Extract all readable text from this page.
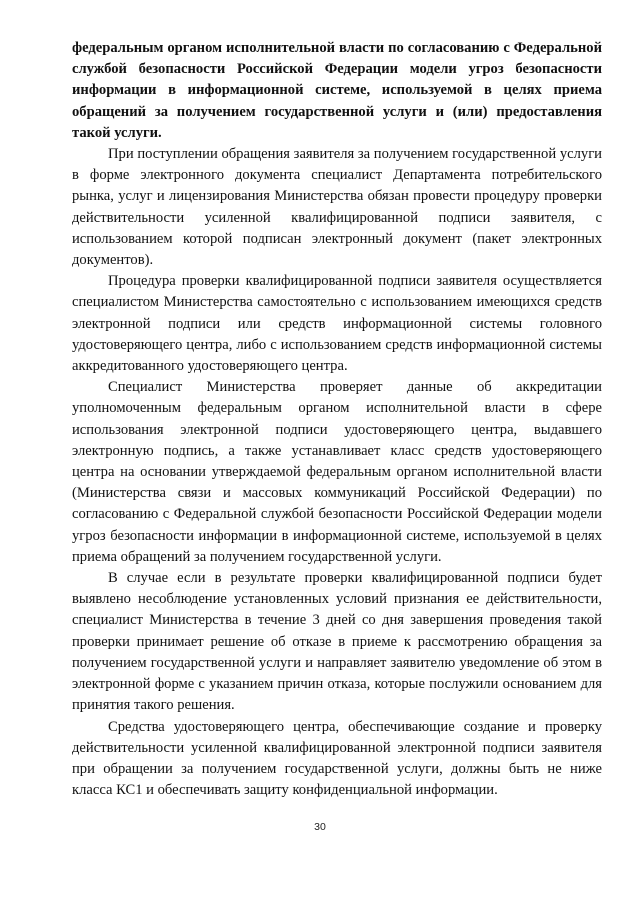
федеральным органом исполнительной власти по согласованию с Федеральной службой безопасности Российской Федерации модели угроз безопасности информации в информационной системе, используемой в целях приема обращений за получением государственной услуги и (или) предоставления такой услуги.

При поступлении обращения заявителя за получением государственной услуги в форме электронного документа специалист Департамента потребительского рынка, услуг и лицензирования Министерства обязан провести процедуру проверки действительности усиленной квалифицированной подписи заявителя, с использованием которой подписан электронный документ (пакет электронных документов).

Процедура проверки квалифицированной подписи заявителя осуществляется специалистом Министерства самостоятельно с использованием имеющихся средств электронной подписи или средств информационной системы головного удостоверяющего центра, либо с использованием средств информационной системы аккредитованного удостоверяющего центра.

Специалист Министерства проверяет данные об аккредитации уполномоченным федеральным органом исполнительной власти в сфере использования электронной подписи удостоверяющего центра, выдавшего электронную подпись, а также устанавливает класс средств удостоверяющего центра на основании утверждаемой федеральным органом исполнительной власти (Министерства связи и массовых коммуникаций Российской Федерации) по согласованию с Федеральной службой безопасности Российской Федерации модели угроз безопасности информации в информационной системе, используемой в целях приема обращений за получением государственной услуги.

В случае если в результате проверки квалифицированной подписи будет выявлено несоблюдение установленных условий признания ее действительности, специалист Министерства в течение 3 дней со дня завершения проведения такой проверки принимает решение об отказе в приеме к рассмотрению обращения за получением государственной услуги и направляет заявителю уведомление об этом в электронной форме с указанием причин отказа, которые послужили основанием для принятия такого решения.

Средства удостоверяющего центра, обеспечивающие создание и проверку действительности усиленной квалифицированной электронной подписи заявителя при обращении за получением государственной услуги, должны быть не ниже класса КС1 и обеспечивать защиту конфиденциальной информации.

30
